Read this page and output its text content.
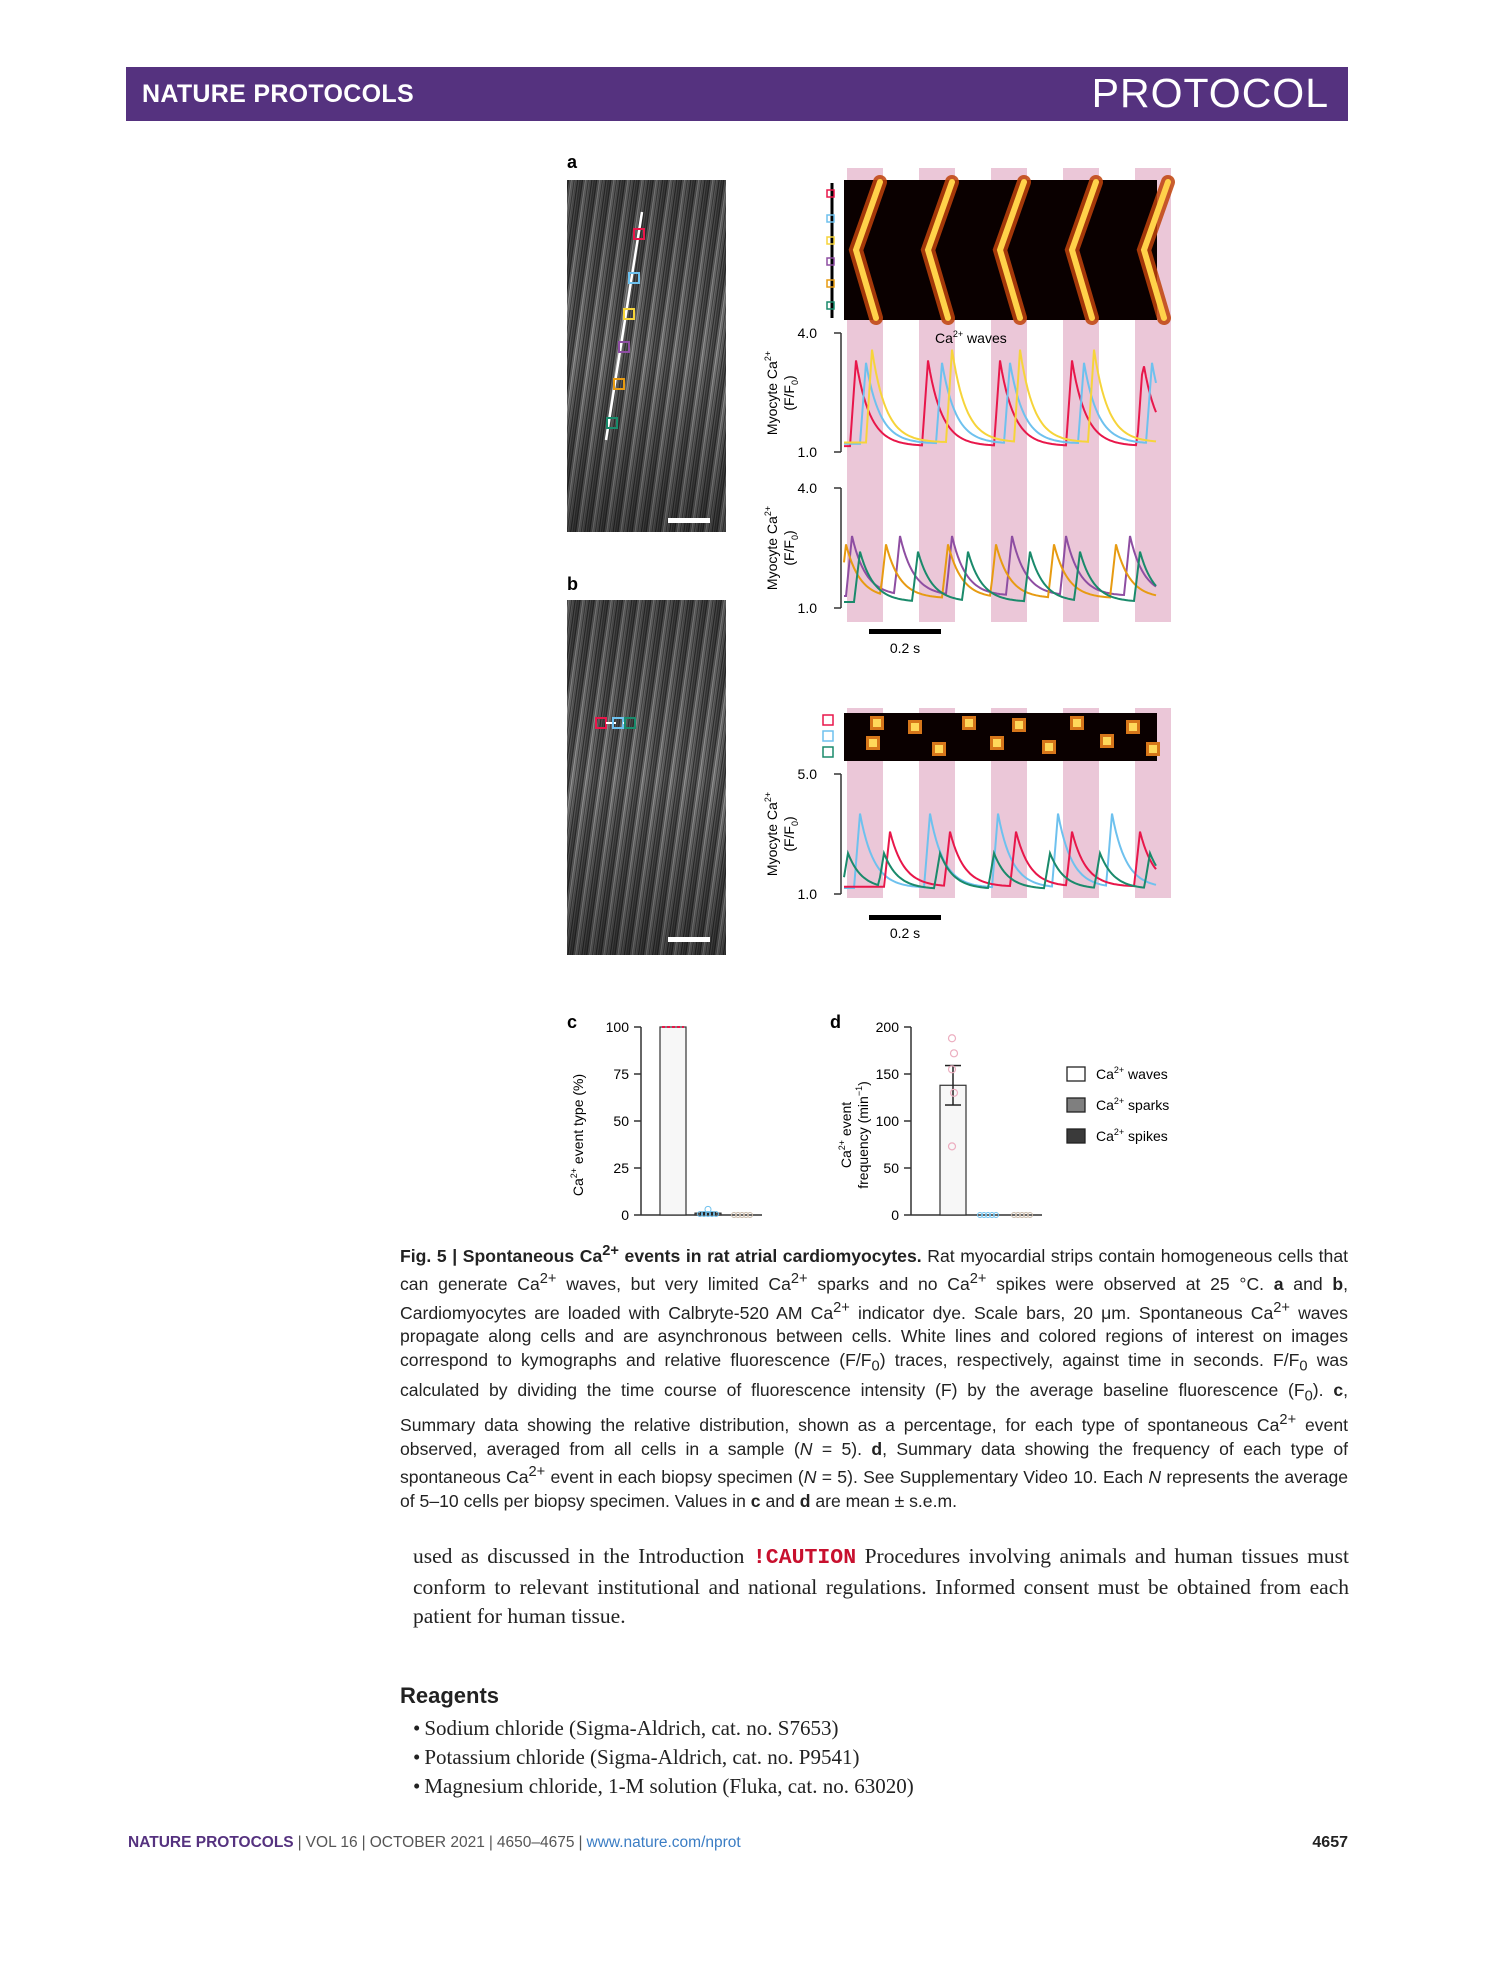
NATURE PROTOCOLS	PROTOCOL
a
b
c	d
4.0
1.0
$Ca^{2+}$ waves
Myocyte $Ca^{2+}$
$(F/F_0)$
4.0
1.0
Myocyte $Ca^{2+}$
$(F/F_0)$
0.2 s
5.0
1.0
Myocyte $Ca^{2+}$
$(F/F_0)$
0.2 s
$Ca^{2+}$ event type (%)
0
25
50
75
100
$Ca^{2+}$ event frequency $(\min^{-1})$
0
50
100
150
200
$Ca^{2+}$ waves
$Ca^{2+}$ sparks
$Ca^{2+}$ spikes
Fig. 5 | Spontaneous $Ca^{2+}$ events in rat atrial cardiomyocytes. Rat myocardial strips contain homogeneous cells that can generate $Ca^{2+}$ waves, but very limited $Ca^{2+}$ sparks and no $Ca^{2+}$ spikes were observed at 25 °C. a and b, Cardiomyocytes are loaded with Calbryte-520 AM $Ca^{2+}$ indicator dye. Scale bars, 20 μm. Spontaneous $Ca^{2+}$ waves propagate along cells and are asynchronous between cells. White lines and colored regions of interest on images correspond to kymographs and relative fluorescence $(F/F_0)$ traces, respectively, against time in seconds. $F/F_0$ was calculated by dividing the time course of fluorescence intensity (F) by the average baseline fluorescence $(F_0)$. c, Summary data showing the relative distribution, shown as a percentage, for each type of spontaneous $Ca^{2+}$ event observed, averaged from all cells in a sample (N = 5). d, Summary data showing the frequency of each type of spontaneous $Ca^{2+}$ event in each biopsy specimen (N = 5). See Supplementary Video 10. Each N represents the average of 5–10 cells per biopsy specimen. Values in c and d are mean ± s.e.m.
used as discussed in the Introduction !CAUTION Procedures involving animals and human tissues must conform to relevant institutional and national regulations. Informed consent must be obtained from each patient for human tissue.
Reagents
• Sodium chloride (Sigma-Aldrich, cat. no. S7653)
• Potassium chloride (Sigma-Aldrich, cat. no. P9541)
• Magnesium chloride, 1-M solution (Fluka, cat. no. 63020)
NATURE PROTOCOLS | VOL 16 | OCTOBER 2021 | 4650–4675 | www.nature.com/nprot	4657
